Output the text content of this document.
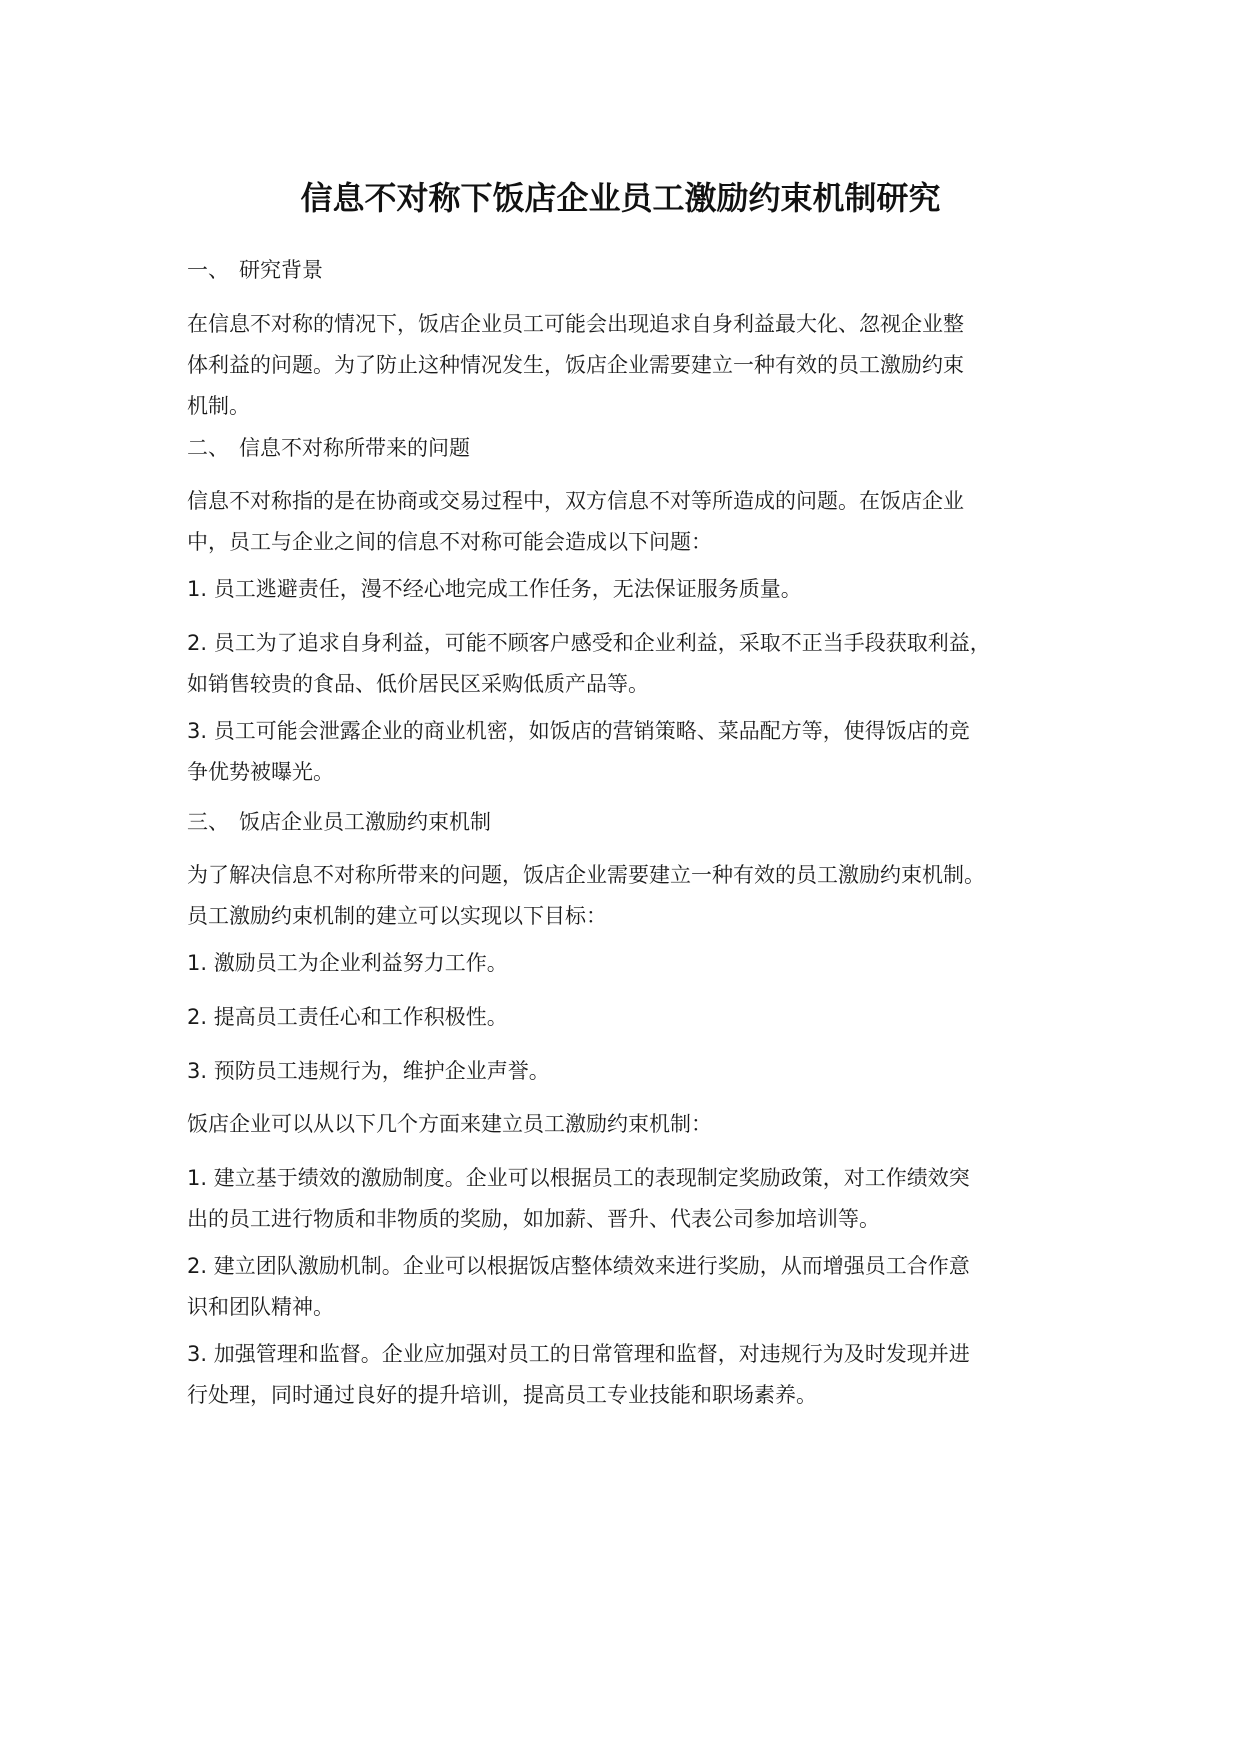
信息不对称下饭店企业员工激励约束机制研究
一、 研究背景
在信息不对称的情况下，饭店企业员工可能会出现追求自身利益最大化、忽视企业整
体利益的问题。为了防止这种情况发生，饭店企业需要建立一种有效的员工激励约束
机制。
二、 信息不对称所带来的问题
信息不对称指的是在协商或交易过程中，双方信息不对等所造成的问题。在饭店企业
中，员工与企业之间的信息不对称可能会造成以下问题：
1. 员工逃避责任，漫不经心地完成工作任务，无法保证服务质量。
2. 员工为了追求自身利益，可能不顾客户感受和企业利益，采取不正当手段获取利益，
如销售较贵的食品、低价居民区采购低质产品等。
3. 员工可能会泄露企业的商业机密，如饭店的营销策略、菜品配方等，使得饭店的竞
争优势被曝光。
三、 饭店企业员工激励约束机制
为了解决信息不对称所带来的问题，饭店企业需要建立一种有效的员工激励约束机制。
员工激励约束机制的建立可以实现以下目标：
1. 激励员工为企业利益努力工作。
2. 提高员工责任心和工作积极性。
3. 预防员工违规行为，维护企业声誉。
饭店企业可以从以下几个方面来建立员工激励约束机制：
1. 建立基于绩效的激励制度。企业可以根据员工的表现制定奖励政策，对工作绩效突
出的员工进行物质和非物质的奖励，如加薪、晋升、代表公司参加培训等。
2. 建立团队激励机制。企业可以根据饭店整体绩效来进行奖励，从而增强员工合作意
识和团队精神。
3. 加强管理和监督。企业应加强对员工的日常管理和监督，对违规行为及时发现并进
行处理，同时通过良好的提升培训，提高员工专业技能和职场素养。
